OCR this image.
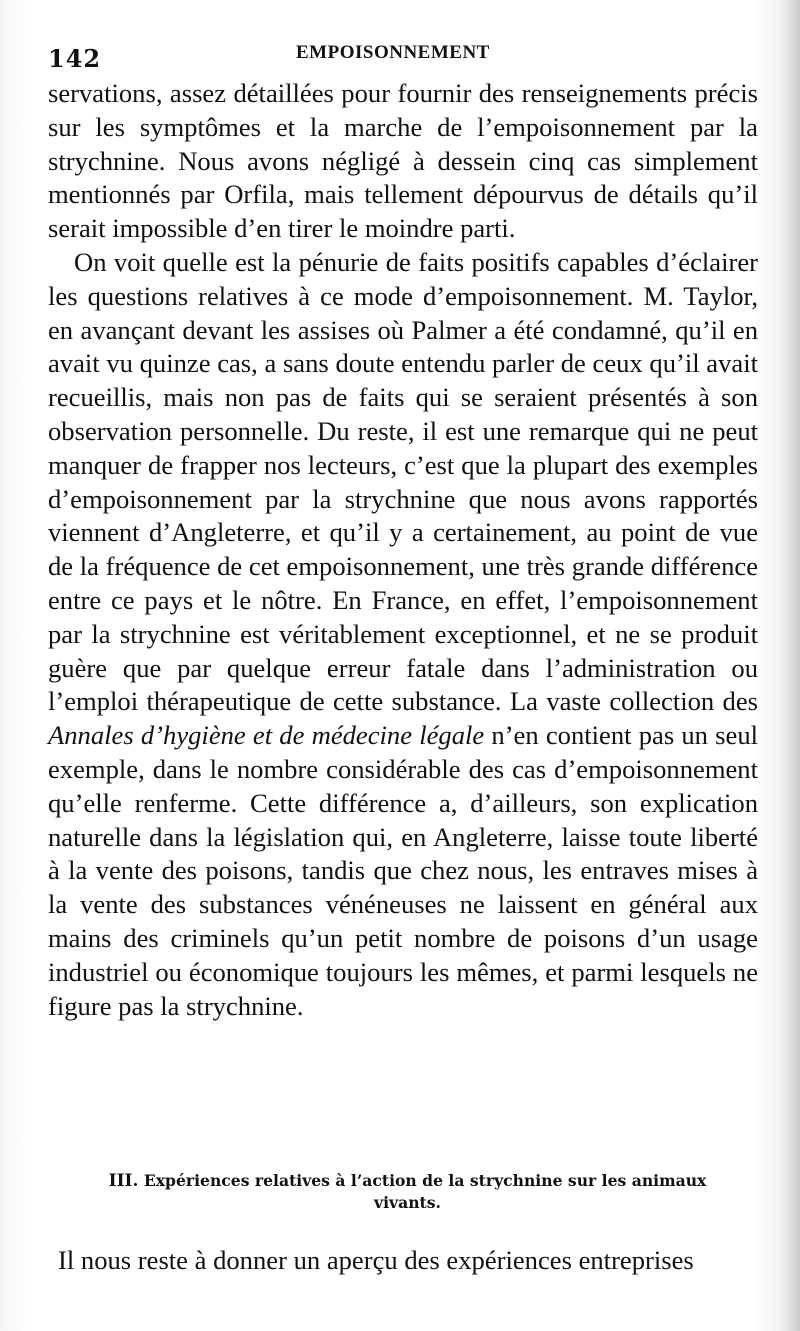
142	EMPOISONNEMENT

servations, assez détaillées pour fournir des renseignements précis sur les symptômes et la marche de l’empoisonnement par la strychnine. Nous avons négligé à dessein cinq cas simplement mentionnés par Orfila, mais tellement dépourvus de détails qu’il serait impossible d’en tirer le moindre parti.

On voit quelle est la pénurie de faits positifs capables d’éclairer les questions relatives à ce mode d’empoisonnement. M. Taylor, en avançant devant les assises où Palmer a été condamné, qu’il en avait vu quinze cas, a sans doute entendu parler de ceux qu’il avait recueillis, mais non pas de faits qui se seraient présentés à son observation personnelle. Du reste, il est une remarque qui ne peut manquer de frapper nos lecteurs, c’est que la plupart des exemples d’empoisonnement par la strychnine que nous avons rapportés viennent d’Angleterre, et qu’il y a certainement, au point de vue de la fréquence de cet empoisonnement, une très grande différence entre ce pays et le nôtre. En France, en effet, l’empoisonnement par la strychnine est véritablement exceptionnel, et ne se produit guère que par quelque erreur fatale dans l’administration ou l’emploi thérapeutique de cette substance. La vaste collection des Annales d’hygiène et de médecine légale n’en contient pas un seul exemple, dans le nombre considérable des cas d’empoisonnement qu’elle renferme. Cette différence a, d’ailleurs, son explication naturelle dans la législation qui, en Angleterre, laisse toute liberté à la vente des poisons, tandis que chez nous, les entraves mises à la vente des substances vénéneuses ne laissent en général aux mains des criminels qu’un petit nombre de poisons d’un usage industriel ou économique toujours les mêmes, et parmi lesquels ne figure pas la strychnine.

III. Expériences relatives à l’action de la strychnine sur les animaux
vivants.
Il nous reste à donner un aperçu des expériences entreprises
